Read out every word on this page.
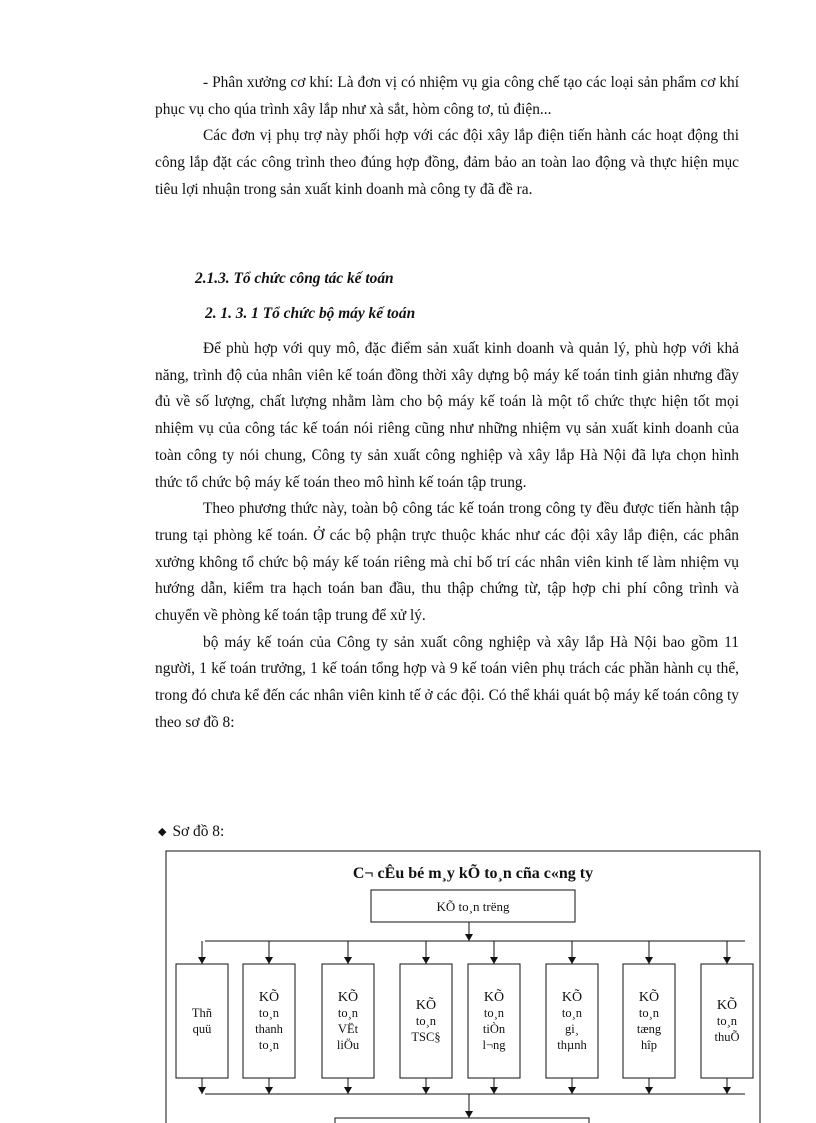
- Phân xưởng cơ khí: Là đơn vị có nhiệm vụ gia công chế tạo các loại sản phẩm cơ khí phục vụ cho qúa trình xây lắp như xà sắt, hòm công tơ, tủ điện...

Các đơn vị phụ trợ này phối hợp với các đội xây lắp điện tiến hành các hoạt động thi công lắp đặt các công trình theo đúng hợp đồng, đảm bảo an toàn lao động và thực hiện mục tiêu lợi nhuận trong sản xuất kinh doanh mà công ty đã đề ra.

2.1.3. Tổ chức công tác kế toán
2. 1. 3. 1 Tổ chức bộ máy kế toán

Để phù hợp với quy mô, đặc điểm sản xuất kinh doanh và quản lý, phù hợp với khả năng, trình độ của nhân viên kế toán đồng thời xây dựng bộ máy kế toán tinh giản nhưng đầy đủ về số lượng, chất lượng nhằm làm cho bộ máy kế toán là một tổ chức thực hiện tốt mọi nhiệm vụ của công tác kế toán nói riêng cũng như những nhiệm vụ sản xuất kinh doanh của toàn công ty nói chung, Công ty sản xuất công nghiệp và xây lắp Hà Nội đã lựa chọn hình thức tổ chức bộ máy kế toán theo mô hình kế toán tập trung.

Theo phương thức này, toàn bộ công tác kế toán trong công ty đều được tiến hành tập trung tại phòng kế toán. Ở các bộ phận trực thuộc khác như các đội xây lắp điện, các phân xưởng không tổ chức bộ máy kế toán riêng mà chỉ bố trí các nhân viên kinh tế làm nhiệm vụ hướng dẫn, kiểm tra hạch toán ban đầu, thu thập chứng từ, tập hợp chi phí công trình và chuyển về phòng kế toán tập trung để xử lý.

bộ máy kế toán của Công ty sản xuất công nghiệp và xây lắp Hà Nội bao gồm 11 người, 1 kế toán trưởng, 1 kế toán tổng hợp và 9 kế toán viên phụ trách các phần hành cụ thể, trong đó chưa kể đến các nhân viên kinh tế ở các đội. Có thể khái quát bộ máy kế toán công ty theo sơ đồ 8:

◆ Sơ đồ 8:
C¬ cÊu bé m¸y kÕ to¸n cña c«ng ty
KÕ to¸n trëng
Thñ
quü
KÕ
to¸n
thanh
to¸n
KÕ
to¸n
VËt
liÖu
KÕ
to¸n
TSC§
KÕ
to¸n
tiÒn
l¬ng
KÕ
to¸n
gi¸
thµnh
KÕ
to¸n
tæng
hîp
KÕ
to¸n
thuÕ
